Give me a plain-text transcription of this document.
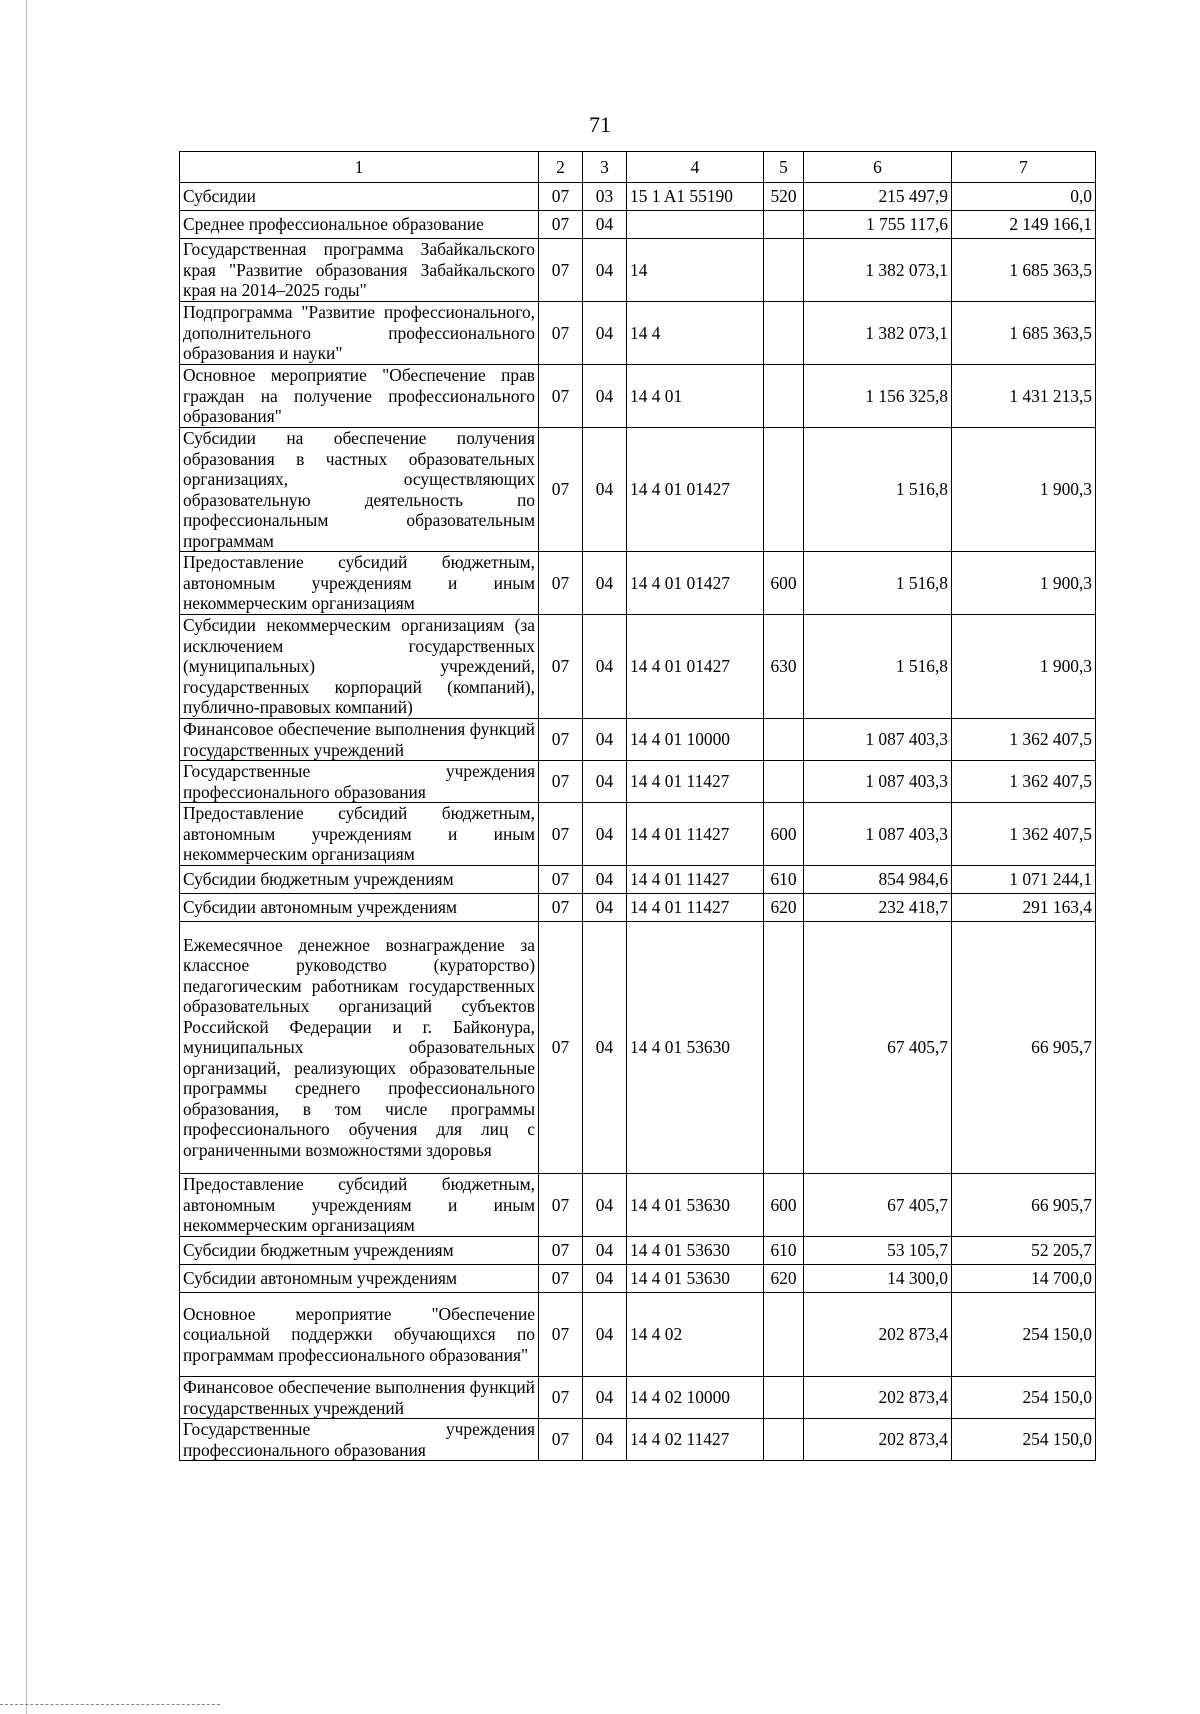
71
1	2	3	4	5	6	7
Субсидии	07	03	15 1 A1 55190	520	215 497,9	0,0
Среднее профессиональное образование	07	04			1 755 117,6	2 149 166,1
Государственная программа Забайкальского края "Развитие образования Забайкальского края на 2014–2025 годы"	07	04	14		1 382 073,1	1 685 363,5
Подпрограмма "Развитие профессионального, дополнительного профессионального образования и науки"	07	04	14 4		1 382 073,1	1 685 363,5
Основное мероприятие "Обеспечение прав граждан на получение профессионального образования"	07	04	14 4 01		1 156 325,8	1 431 213,5
Субсидии на обеспечение получения образования в частных образовательных организациях, осуществляющих образовательную деятельность по профессиональным образовательным программам	07	04	14 4 01 01427		1 516,8	1 900,3
Предоставление субсидий бюджетным, автономным учреждениям и иным некоммерческим организациям	07	04	14 4 01 01427	600	1 516,8	1 900,3
Субсидии некоммерческим организациям (за исключением государственных (муниципальных) учреждений, государственных корпораций (компаний), публично-правовых компаний)	07	04	14 4 01 01427	630	1 516,8	1 900,3
Финансовое обеспечение выполнения функций государственных учреждений	07	04	14 4 01 10000		1 087 403,3	1 362 407,5
Государственные учреждения профессионального образования	07	04	14 4 01 11427		1 087 403,3	1 362 407,5
Предоставление субсидий бюджетным, автономным учреждениям и иным некоммерческим организациям	07	04	14 4 01 11427	600	1 087 403,3	1 362 407,5
Субсидии бюджетным учреждениям	07	04	14 4 01 11427	610	854 984,6	1 071 244,1
Субсидии автономным учреждениям	07	04	14 4 01 11427	620	232 418,7	291 163,4
Ежемесячное денежное вознаграждение за классное руководство (кураторство) педагогическим работникам государственных образовательных организаций субъектов Российской Федерации и г. Байконура, муниципальных образовательных организаций, реализующих образовательные программы среднего профессионального образования, в том числе программы профессионального обучения для лиц с ограниченными возможностями здоровья	07	04	14 4 01 53630		67 405,7	66 905,7
Предоставление субсидий бюджетным, автономным учреждениям и иным некоммерческим организациям	07	04	14 4 01 53630	600	67 405,7	66 905,7
Субсидии бюджетным учреждениям	07	04	14 4 01 53630	610	53 105,7	52 205,7
Субсидии автономным учреждениям	07	04	14 4 01 53630	620	14 300,0	14 700,0
Основное мероприятие "Обеспечение социальной поддержки обучающихся по программам профессионального образования"	07	04	14 4 02		202 873,4	254 150,0
Финансовое обеспечение выполнения функций государственных учреждений	07	04	14 4 02 10000		202 873,4	254 150,0
Государственные учреждения профессионального образования	07	04	14 4 02 11427		202 873,4	254 150,0
